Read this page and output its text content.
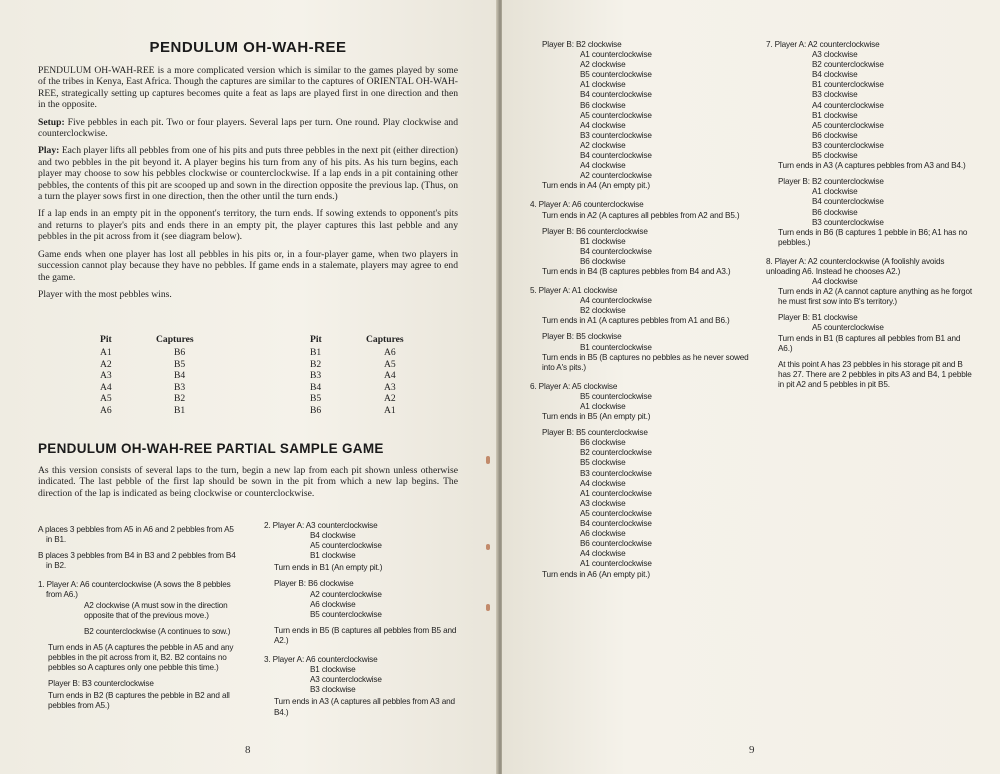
PENDULUM OH-WAH-REE

PENDULUM OH-WAH-REE is a more complicated version which is similar to the games played by some of the tribes in Kenya, East Africa. Though the captures are similar to the captures of ORIENTAL OH-WAH-REE, strategically setting up captures becomes quite a feat as laps are played first in one direction and then in the opposite.

Setup: Five pebbles in each pit. Two or four players. Several laps per turn. One round. Play clockwise and counterclockwise.

Play: Each player lifts all pebbles from one of his pits and puts three pebbles in the next pit (either direction) and two pebbles in the pit beyond it. A player begins his turn from any of his pits. As his turn begins, each player may choose to sow his pebbles clockwise or counterclockwise. If a lap ends in a pit containing other pebbles, the contents of this pit are scooped up and sown in the direction opposite the previous lap. (Thus, on a turn the player sows first in one direction, then the other until the turn ends.)

If a lap ends in an empty pit in the opponent's territory, the turn ends. If sowing extends to opponent's pits and returns to player's pits and ends there in an empty pit, the player captures this last pebble and any pebbles in the pit across from it (see diagram below).

Game ends when one player has lost all pebbles in his pits or, in a four-player game, when two players in succession cannot play because they have no pebbles. If game ends in a stalemate, players may agree to end the game.

Player with the most pebbles wins.

Pit	Captures
A1	B6
A2	B5
A3	B4
A4	B3
A5	B2
A6	B1
Pit	Captures
B1	A6
B2	A5
B3	A4
B4	A3
B5	A2
B6	A1
PENDULUM OH-WAH-REE PARTIAL SAMPLE GAME

As this version consists of several laps to the turn, begin a new lap from each pit shown unless otherwise indicated. The last pebble of the first lap should be sown in the pit from which a new lap begins. The direction of the lap is indicated as being clockwise or counterclockwise.

A places 3 pebbles from A5 in A6 and 2 pebbles from A5 in B1.

B places 3 pebbles from B4 in B3 and 2 pebbles from B4 in B2.

1. Player A: A6 counterclockwise (A sows the 8 pebbles from A6.)

A2 clockwise (A must sow in the direction opposite that of the previous move.)

B2 counterclockwise (A continues to sow.)

Turn ends in A5 (A captures the pebble in A5 and any pebbles in the pit across from it, B2. B2 contains no pebbles so A captures only one pebble this time.)

Player B: B3 counterclockwise

Turn ends in B2 (B captures the pebble in B2 and all pebbles from A5.)

2. Player A: A3 counterclockwise

B4 clockwise

A5 counterclockwise

B1 clockwise

Turn ends in B1 (An empty pit.)

Player B: B6 clockwise

A2 counterclockwise

A6 clockwise

B5 counterclockwise

Turn ends in B5 (B captures all pebbles from B5 and A2.)

3. Player A: A6 counterclockwise

B1 clockwise

A3 counterclockwise

B3 clockwise

Turn ends in A3 (A captures all pebbles from A3 and B4.)

8

Player B: B2 clockwise

A1 counterclockwise

A2 clockwise

B5 counterclockwise

A1 clockwise

B4 counterclockwise

B6 clockwise

A5 counterclockwise

A4 clockwise

B3 counterclockwise

A2 clockwise

B4 counterclockwise

A4 clockwise

A2 counterclockwise

Turn ends in A4 (An empty pit.)

4. Player A: A6 counterclockwise

Turn ends in A2 (A captures all pebbles from A2 and B5.)

Player B: B6 counterclockwise

B1 clockwise

B4 counterclockwise

B6 clockwise

Turn ends in B4 (B captures pebbles from B4 and A3.)

5. Player A: A1 clockwise

A4 counterclockwise

B2 clockwise

Turn ends in A1 (A captures pebbles from A1 and B6.)

Player B: B5 clockwise

B1 counterclockwise

Turn ends in B5 (B captures no pebbles as he never sowed into A's pits.)

6. Player A: A5 clockwise

B5 counterclockwise

A1 clockwise

Turn ends in B5 (An empty pit.)

Player B: B5 counterclockwise

B6 clockwise

B2 counterclockwise

B5 clockwise

B3 counterclockwise

A4 clockwise

A1 counterclockwise

A3 clockwise

A5 counterclockwise

B4 counterclockwise

A6 clockwise

B6 counterclockwise

A4 clockwise

A1 counterclockwise

Turn ends in A6 (An empty pit.)

7. Player A: A2 counterclockwise

A3 clockwise

B2 counterclockwise

B4 clockwise

B1 counterclockwise

B3 clockwise

A4 counterclockwise

B1 clockwise

A5 counterclockwise

B6 clockwise

B3 counterclockwise

B5 clockwise

Turn ends in A3 (A captures pebbles from A3 and B4.)

Player B: B2 counterclockwise

A1 clockwise

B4 counterclockwise

B6 clockwise

B3 counterclockwise

Turn ends in B6 (B captures 1 pebble in B6; A1 has no pebbles.)

8. Player A: A2 counterclockwise (A foolishly avoids unloading A6. Instead he chooses A2.)

A4 clockwise

Turn ends in A2 (A cannot capture anything as he forgot he must first sow into B's territory.)

Player B: B1 clockwise

A5 counterclockwise

Turn ends in B1 (B captures all pebbles from B1 and A6.)

At this point A has 23 pebbles in his storage pit and B has 27. There are 2 pebbles in pits A3 and B4, 1 pebble in pit A2 and 5 pebbles in pit B5.

9
